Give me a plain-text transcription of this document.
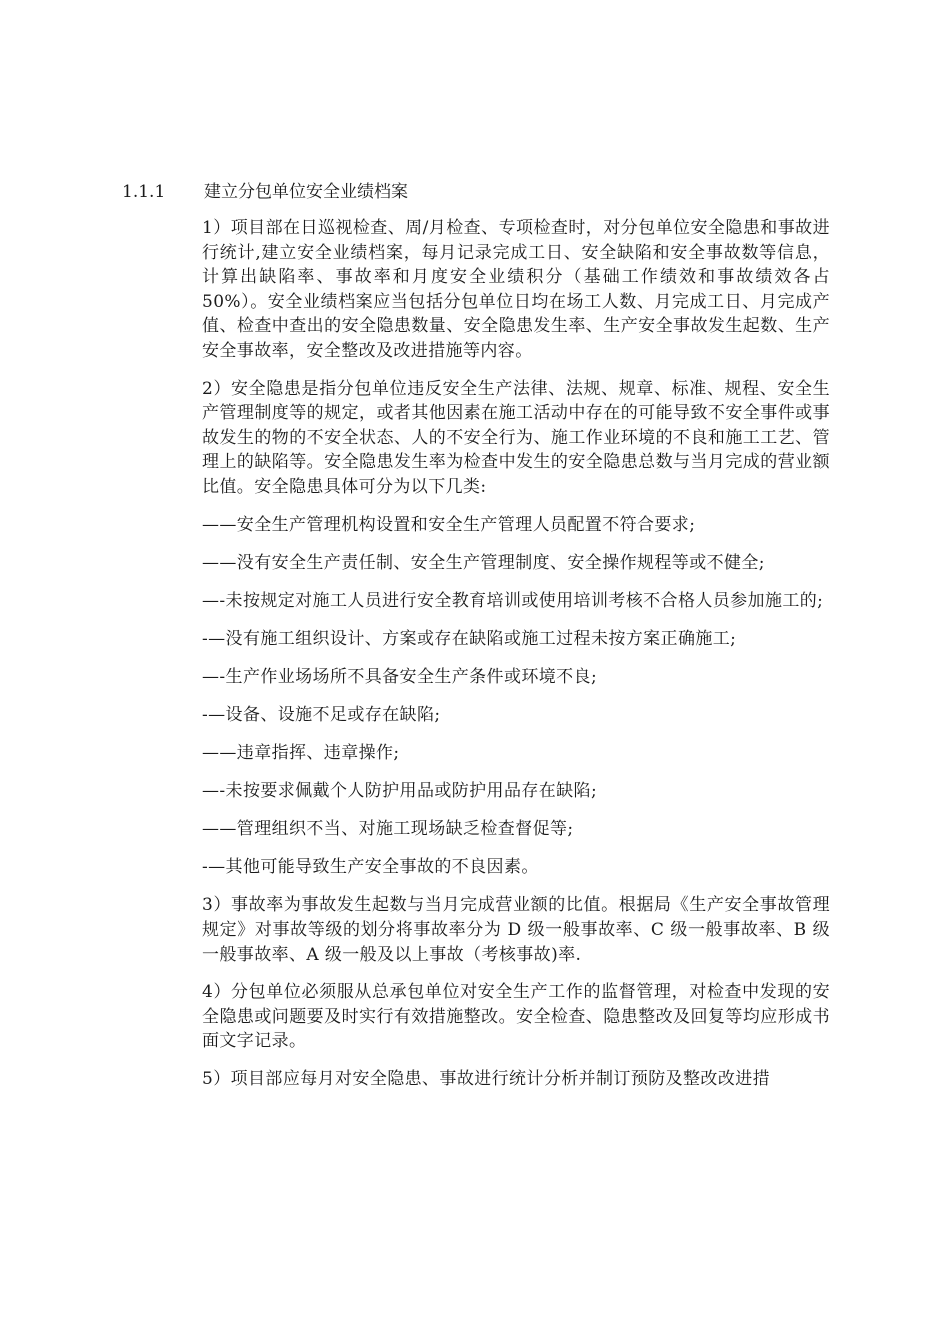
1.1.1 建立分包单位安全业绩档案

1）项目部在日巡视检查、周/月检查、专项检查时，对分包单位安全隐患和事故进行统计,建立安全业绩档案，每月记录完成工日、安全缺陷和安全事故数等信息，计算出缺陷率、事故率和月度安全业绩积分（基础工作绩效和事故绩效各占 50%）。安全业绩档案应当包括分包单位日均在场工人数、月完成工日、月完成产值、检查中查出的安全隐患数量、安全隐患发生率、生产安全事故发生起数、生产安全事故率，安全整改及改进措施等内容。

2）安全隐患是指分包单位违反安全生产法律、法规、规章、标准、规程、安全生产管理制度等的规定，或者其他因素在施工活动中存在的可能导致不安全事件或事故发生的物的不安全状态、人的不安全行为、施工作业环境的不良和施工工艺、管理上的缺陷等。安全隐患发生率为检查中发生的安全隐患总数与当月完成的营业额比值。安全隐患具体可分为以下几类:

——安全生产管理机构设置和安全生产管理人员配置不符合要求;

——没有安全生产责任制、安全生产管理制度、安全操作规程等或不健全;

—-未按规定对施工人员进行安全教育培训或使用培训考核不合格人员参加施工的;

-—没有施工组织设计、方案或存在缺陷或施工过程未按方案正确施工;

—-生产作业场场所不具备安全生产条件或环境不良;

-—设备、设施不足或存在缺陷;

——违章指挥、违章操作;

—-未按要求佩戴个人防护用品或防护用品存在缺陷;

——管理组织不当、对施工现场缺乏检查督促等;

-—其他可能导致生产安全事故的不良因素。

3）事故率为事故发生起数与当月完成营业额的比值。根据局《生产安全事故管理规定》对事故等级的划分将事故率分为 D 级一般事故率、C 级一般事故率、B 级一般事故率、A 级一般及以上事故（考核事故)率.

4）分包单位必须服从总承包单位对安全生产工作的监督管理，对检查中发现的安全隐患或问题要及时实行有效措施整改。安全检查、隐患整改及回复等均应形成书面文字记录。

5）项目部应每月对安全隐患、事故进行统计分析并制订预防及整改改进措
